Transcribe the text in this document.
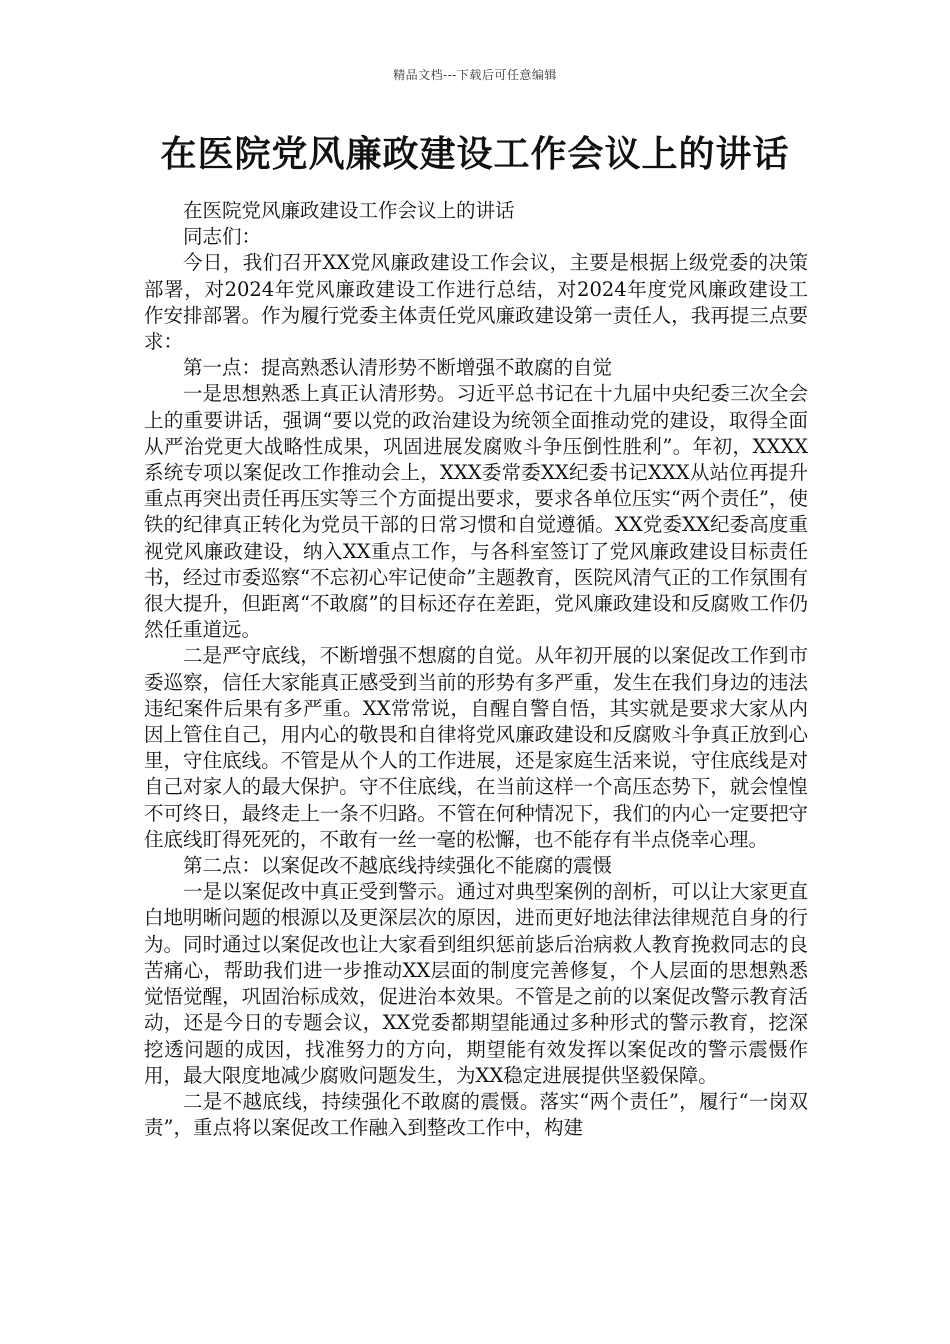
精品文档---下载后可任意编辑
在医院党风廉政建设工作会议上的讲话

在医院党风廉政建设工作会议上的讲话

同志们：

今日，我们召开XX党风廉政建设工作会议，主要是根据上级党委的决策部署，对2024年党风廉政建设工作进行总结，对2024年度党风廉政建设工作安排部署。作为履行党委主体责任党风廉政建设第一责任人，我再提三点要求：

第一点：提高熟悉认清形势不断增强不敢腐的自觉

一是思想熟悉上真正认清形势。习近平总书记在十九届中央纪委三次全会上的重要讲话，强调“要以党的政治建设为统领全面推动党的建设，取得全面从严治党更大战略性成果，巩固进展发腐败斗争压倒性胜利”。年初，XXXX系统专项以案促改工作推动会上，XXX委常委XX纪委书记XXX从站位再提升重点再突出责任再压实等三个方面提出要求，要求各单位压实“两个责任”，使铁的纪律真正转化为党员干部的日常习惯和自觉遵循。XX党委XX纪委高度重视党风廉政建设，纳入XX重点工作，与各科室签订了党风廉政建设目标责任书，经过市委巡察“不忘初心牢记使命”主题教育，医院风清气正的工作氛围有很大提升，但距离“不敢腐”的目标还存在差距，党风廉政建设和反腐败工作仍然任重道远。

二是严守底线，不断增强不想腐的自觉。从年初开展的以案促改工作到市委巡察，信任大家能真正感受到当前的形势有多严重，发生在我们身边的违法违纪案件后果有多严重。XX常常说，自醒自警自悟，其实就是要求大家从内因上管住自己，用内心的敬畏和自律将党风廉政建设和反腐败斗争真正放到心里，守住底线。不管是从个人的工作进展，还是家庭生活来说，守住底线是对自己对家人的最大保护。守不住底线，在当前这样一个高压态势下，就会惶惶不可终日，最终走上一条不归路。不管在何种情况下，我们的内心一定要把守住底线盯得死死的，不敢有一丝一毫的松懈，也不能存有半点侥幸心理。

第二点：以案促改不越底线持续强化不能腐的震慑

一是以案促改中真正受到警示。通过对典型案例的剖析，可以让大家更直白地明晰问题的根源以及更深层次的原因，进而更好地法律法律规范自身的行为。同时通过以案促改也让大家看到组织惩前毖后治病救人教育挽救同志的良苦痛心，帮助我们进一步推动XX层面的制度完善修复，个人层面的思想熟悉觉悟觉醒，巩固治标成效，促进治本效果。不管是之前的以案促改警示教育活动，还是今日的专题会议，XX党委都期望能通过多种形式的警示教育，挖深挖透问题的成因，找准努力的方向，期望能有效发挥以案促改的警示震慑作用，最大限度地减少腐败问题发生，为XX稳定进展提供坚毅保障。

二是不越底线，持续强化不敢腐的震慑。落实“两个责任”，履行“一岗双责”，重点将以案促改工作融入到整改工作中，构建
